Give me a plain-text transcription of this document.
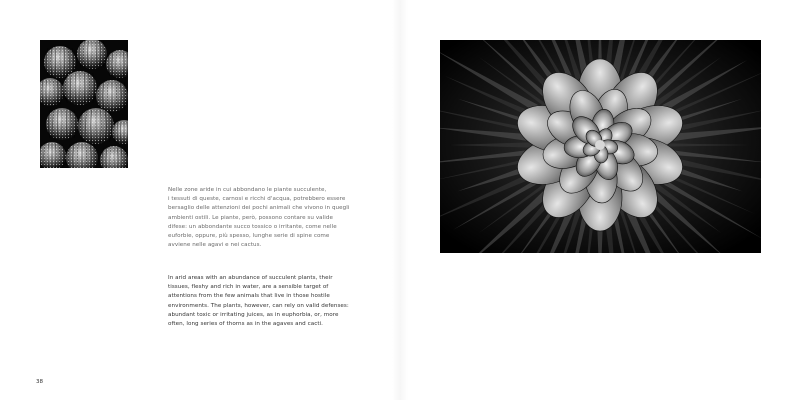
Nelle zone aride in cui abbondano le piante succulente,

i tessuti di queste, carnosi e ricchi d'acqua, potrebbero essere

bersaglio delle attenzioni dei pochi animali che vivono in quegli

ambienti ostili. Le piante, però, possono contare su valide

difese: un abbondante succo tossico o irritante, come nelle

euforbie, oppure, più spesso, lunghe serie di spine come

avviene nelle agavi e nei cactus.

In arid areas with an abundance of succulent plants, their

tissues, fleshy and rich in water, are a sensible target of

attentions from the few animals that live in those hostile

environments. The plants, however, can rely on valid defenses:

abundant toxic or irritating juices, as in euphorbia, or, more

often, long series of thorns as in the agaves and cacti.

38
